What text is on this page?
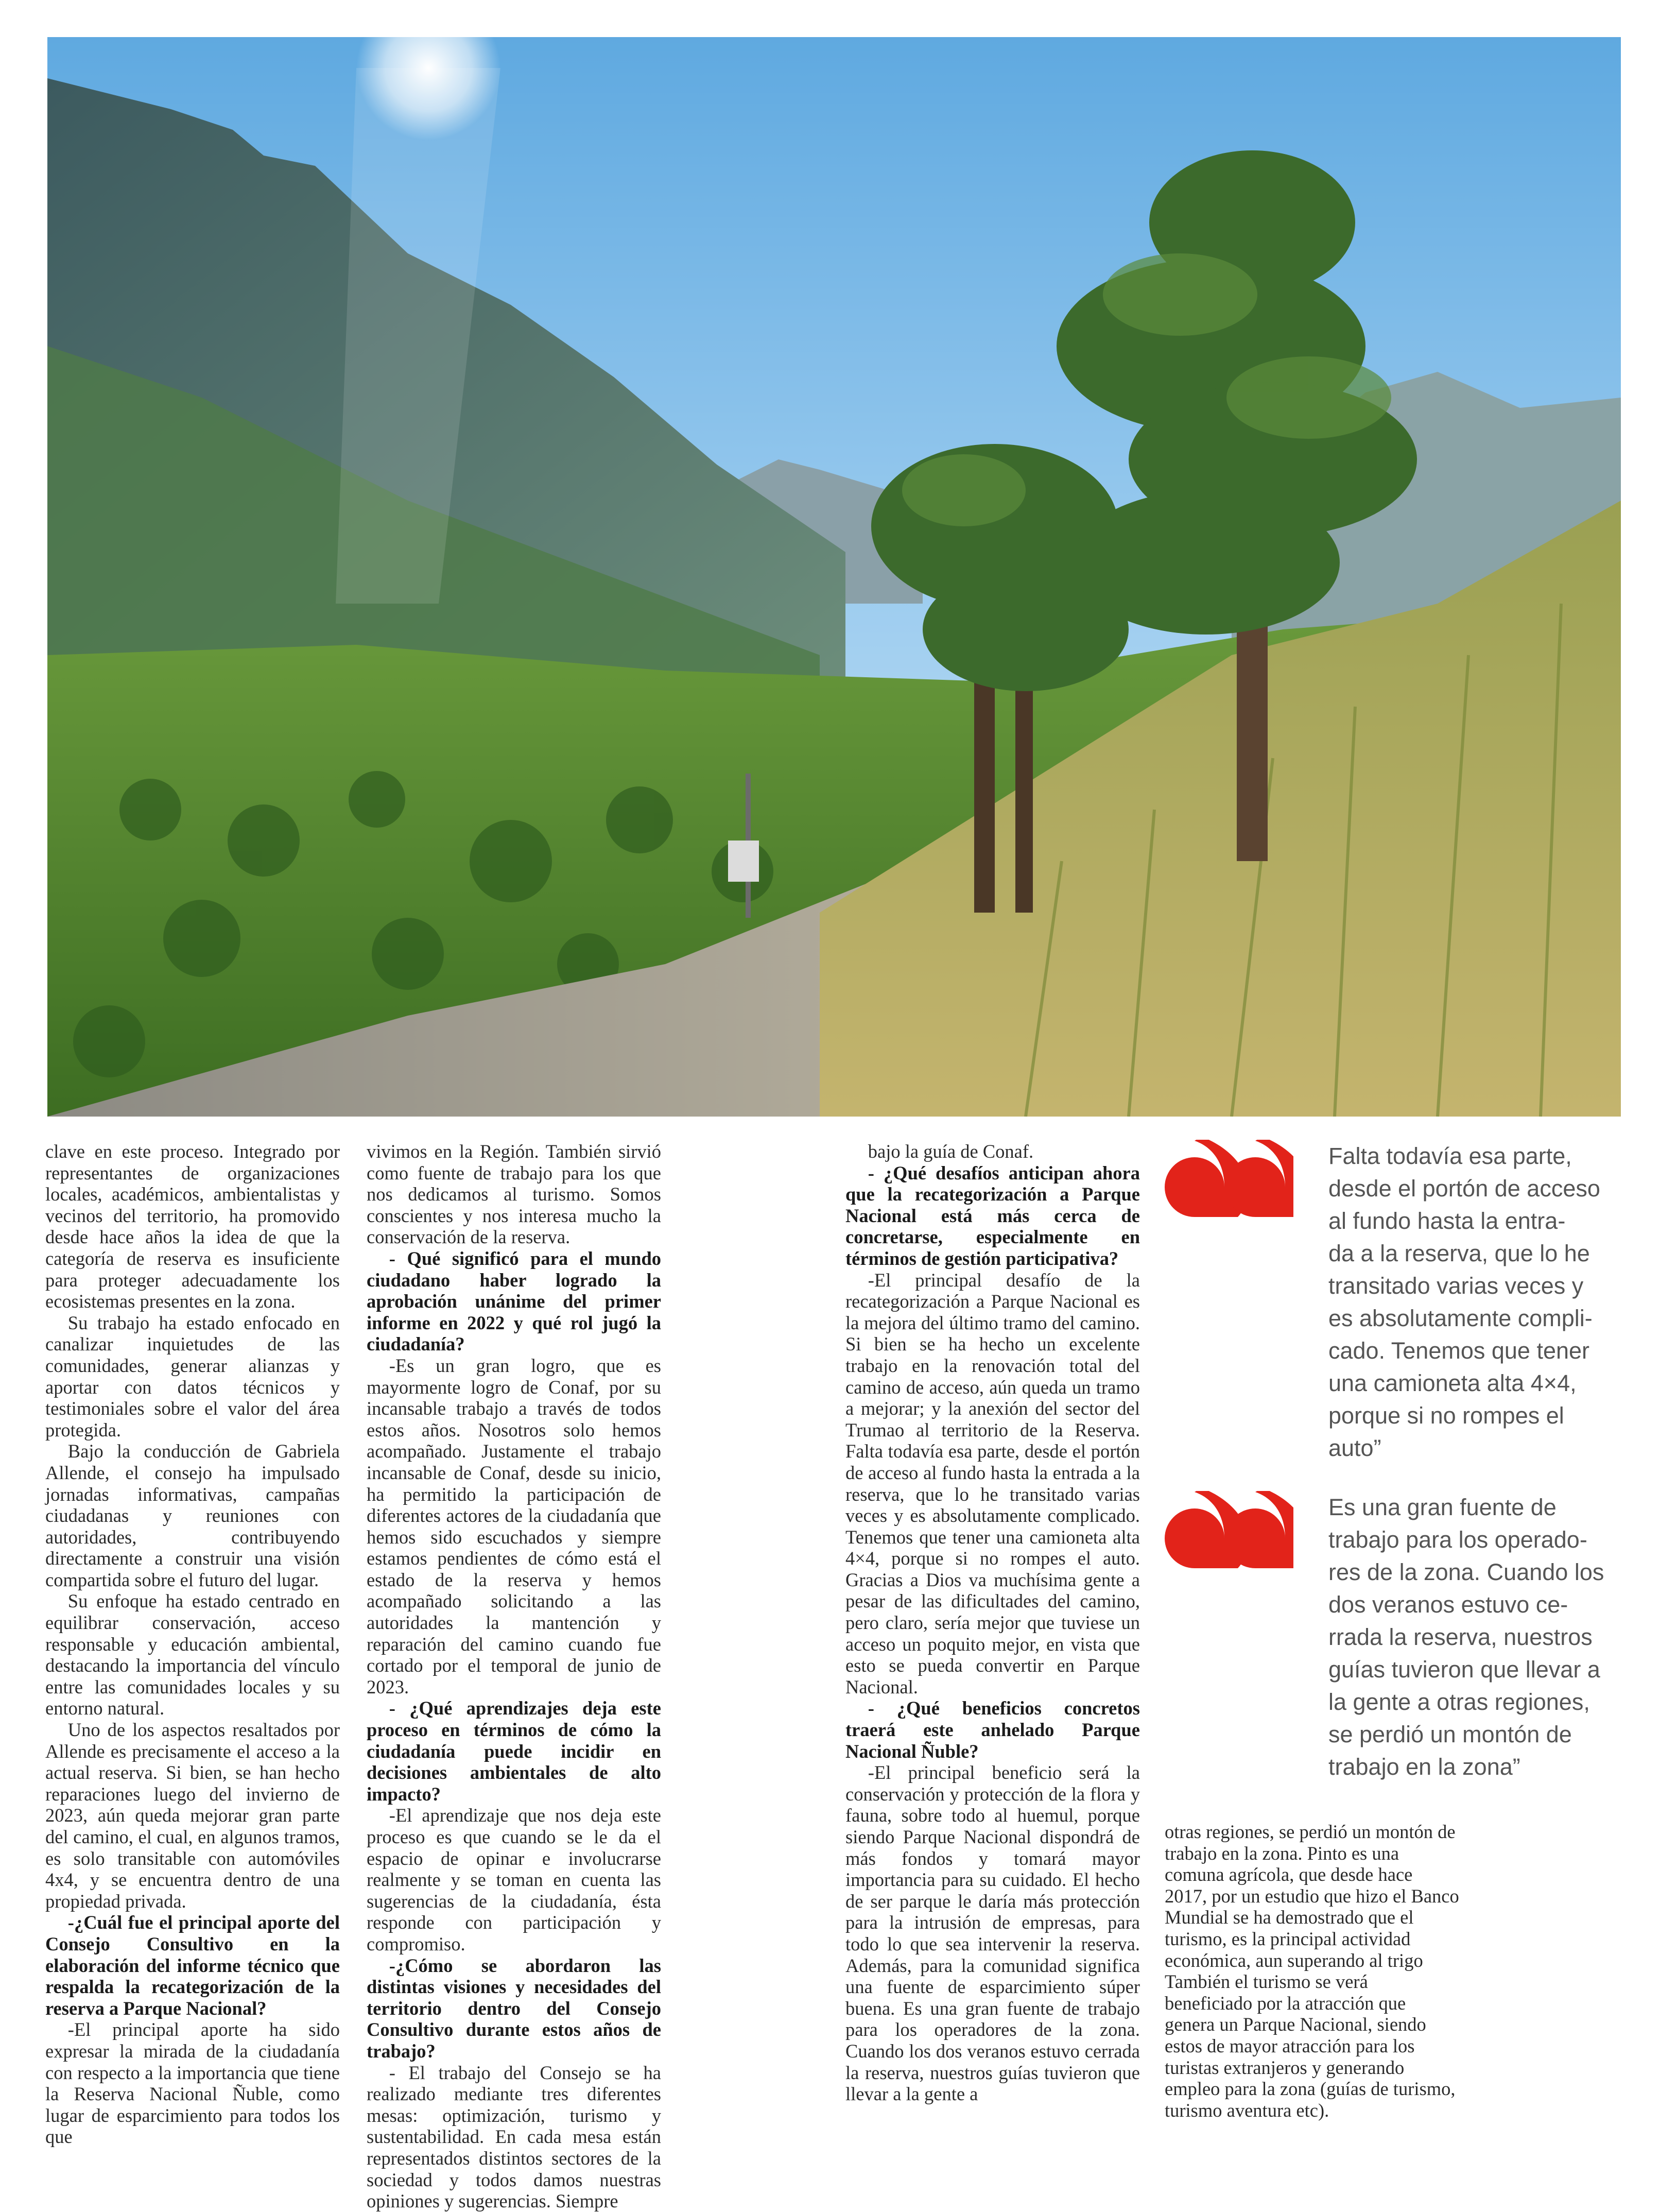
clave en este proceso. Integrado por representantes de organizaciones locales, académicos, ambientalistas y vecinos del territorio, ha promovido desde hace años la idea de que la categoría de reserva es insuficiente para proteger adecuadamente los ecosistemas presentes en la zona.

Su trabajo ha estado enfocado en canalizar inquietudes de las comunidades, generar alianzas y aportar con datos técnicos y testimoniales sobre el valor del área protegida.

Bajo la conducción de Gabriela Allende, el consejo ha impulsado jornadas informativas, campañas ciudadanas y reuniones con autoridades, contribuyendo directamente a construir una visión compartida sobre el futuro del lugar.

Su enfoque ha estado centrado en equilibrar conservación, acceso responsable y educación ambiental, destacando la importancia del vínculo entre las comunidades locales y su entorno natural.

Uno de los aspectos resaltados por Allende es precisamente el acceso a la actual reserva. Si bien, se han hecho reparaciones luego del invierno de 2023, aún queda mejorar gran parte del camino, el cual, en algunos tramos, es solo transitable con automóviles 4x4, y se encuentra dentro de una propiedad privada.

-¿Cuál fue el principal aporte del Consejo Consultivo en la elaboración del informe técnico que respalda la recategorización de la reserva a Parque Nacional?

-El principal aporte ha sido expresar la mirada de la ciudadanía con respecto a la importancia que tiene la Reserva Nacional Ñuble, como lugar de esparcimiento para todos los que

vivimos en la Región. También sirvió como fuente de trabajo para los que nos dedicamos al turismo. Somos conscientes y nos interesa mucho la conservación de la reserva.

- Qué significó para el mundo ciudadano haber logrado la aprobación unánime del primer informe en 2022 y qué rol jugó la ciudadanía?

-Es un gran logro, que es mayormente logro de Conaf, por su incansable trabajo a través de todos estos años. Nosotros solo hemos acompañado. Justamente el trabajo incansable de Conaf, desde su inicio, ha permitido la participación de diferentes actores de la ciudadanía que hemos sido escuchados y siempre estamos pendientes de cómo está el estado de la reserva y hemos acompañado solicitando a las autoridades la mantención y reparación del camino cuando fue cortado por el temporal de junio de 2023.

- ¿Qué aprendizajes deja este proceso en términos de cómo la ciudadanía puede incidir en decisiones ambientales de alto impacto?

-El aprendizaje que nos deja este proceso es que cuando se le da el espacio de opinar e involucrarse realmente y se toman en cuenta las sugerencias de la ciudadanía, ésta responde con participación y compromiso.

-¿Cómo se abordaron las distintas visiones y necesidades del territorio dentro del Consejo Consultivo durante estos años de trabajo?

- El trabajo del Consejo se ha realizado mediante tres diferentes mesas: optimización, turismo y sustentabilidad. En cada mesa están representados distintos sectores de la sociedad y todos damos nuestras opiniones y sugerencias. Siempre

bajo la guía de Conaf.

- ¿Qué desafíos anticipan ahora que la recategorización a Parque Nacional está más cerca de concretarse, especialmente en términos de gestión participativa?

-El principal desafío de la recategorización a Parque Nacional es la mejora del último tramo del camino. Si bien se ha hecho un excelente trabajo en la renovación total del camino de acceso, aún queda un tramo a mejorar; y la anexión del sector del Trumao al territorio de la Reserva. Falta todavía esa parte, desde el portón de acceso al fundo hasta la entrada a la reserva, que lo he transitado varias veces y es absolutamente complicado. Tenemos que tener una camioneta alta 4×4, porque si no rompes el auto. Gracias a Dios va muchísima gente a pesar de las dificultades del camino, pero claro, sería mejor que tuviese un acceso un poquito mejor, en vista que esto se pueda convertir en Parque Nacional.

- ¿Qué beneficios concretos traerá este anhelado Parque Nacional Ñuble?

-El principal beneficio será la conservación y protección de la flora y fauna, sobre todo al huemul, porque siendo Parque Nacional dispondrá de más fondos y tomará mayor importancia para su cuidado. El hecho de ser parque le daría más protección para la intrusión de empresas, para todo lo que sea intervenir la reserva. Además, para la comunidad significa una fuente de esparcimiento súper buena. Es una gran fuente de trabajo para los operadores de la zona. Cuando los dos veranos estuvo cerrada la reserva, nuestros guías tuvieron que llevar a la gente a

Falta todavía esa parte,
desde el portón de acceso
al fundo hasta la entra-
da a la reserva, que lo he
transitado varias veces y
es absolutamente compli-
cado. Tenemos que tener
una camioneta alta 4×4,
porque si no rompes el
auto”
Es una gran fuente de
trabajo para los operado-
res de la zona. Cuando los
dos veranos estuvo ce-
rrada la reserva, nuestros
guías tuvieron que llevar a
la gente a otras regiones,
se perdió un montón de
trabajo en la zona”

otras regiones, se perdió un montón de trabajo en la zona. Pinto es una comuna agrícola, que desde hace 2017, por un estudio que hizo el Banco Mundial se ha demostrado que el turismo, es la principal actividad económica, aun superando al trigo También el turismo se verá beneficiado por la atracción que genera un Parque Nacional, siendo estos de mayor atracción para los turistas extranjeros y generando empleo para la zona (guías de turismo, turismo aventura etc).
